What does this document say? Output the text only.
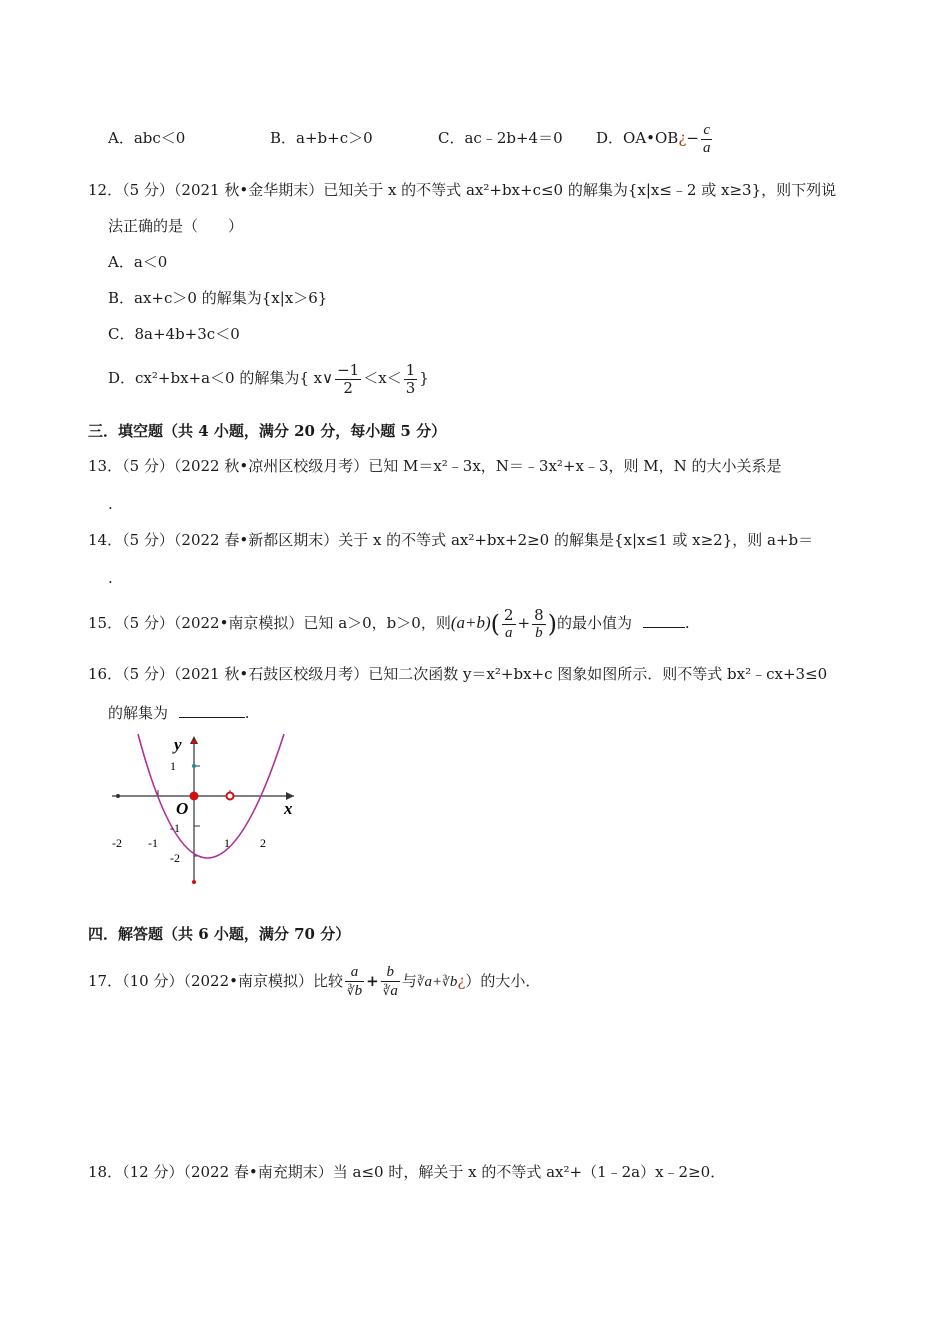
A．abc＜0	B．a+b+c＞0	C．ac﹣2b+4＝0 D．OA•OB¿− $\frac{c}{a}$
12．（5 分）（2021 秋•金华期末）已知关于 x 的不等式 ax²+bx+c≤0 的解集为{x|x≤﹣2 或 x≥3}，则下列说
法正确的是（　　）
A．a＜0
B．ax+c＞0 的解集为{x|x＞6}
C．8a+4b+3c＜0
D．cx²+bx+a＜0 的解集为{ x∨ $\frac{-1}{2} <x< \frac{1}{3}$ }
三．填空题（共 4 小题，满分 20 分，每小题 5 分）
13．（5 分）（2022 秋•凉州区校级月考）已知 M＝x²﹣3x，N＝﹣3x²+x﹣3，则 M，N 的大小关系是
.
14．（5 分）（2022 春•新都区期末）关于 x 的不等式 ax²+bx+2≥0 的解集是{x|x≤1 或 x≥2}，则 a+b＝
.
15．（5 分）（2022•南京模拟）已知 a＞0，b＞0，则$(a+b)( \frac{2}{a} + \frac{8}{b}$ )的最小值为	.
16．（5 分）（2021 秋•石鼓区校级月考）已知二次函数 y＝x²+bx+c 图象如图所示．则不等式 bx²﹣cx+3≤0
的解集为	.
y
x
O
1
-1
-2
-2 -1	1	2
四．解答题（共 6 小题，满分 70 分）
17．（10 分）（2022•南京模拟）比较 $\frac{a}{∛b} + \frac{b}{∛a}$ 与∛a+∛b¿）的大小．
18．（12 分）（2022 春•南充期末）当 a≤0 时，解关于 x 的不等式 ax²+（1﹣2a）x﹣2≥0．
